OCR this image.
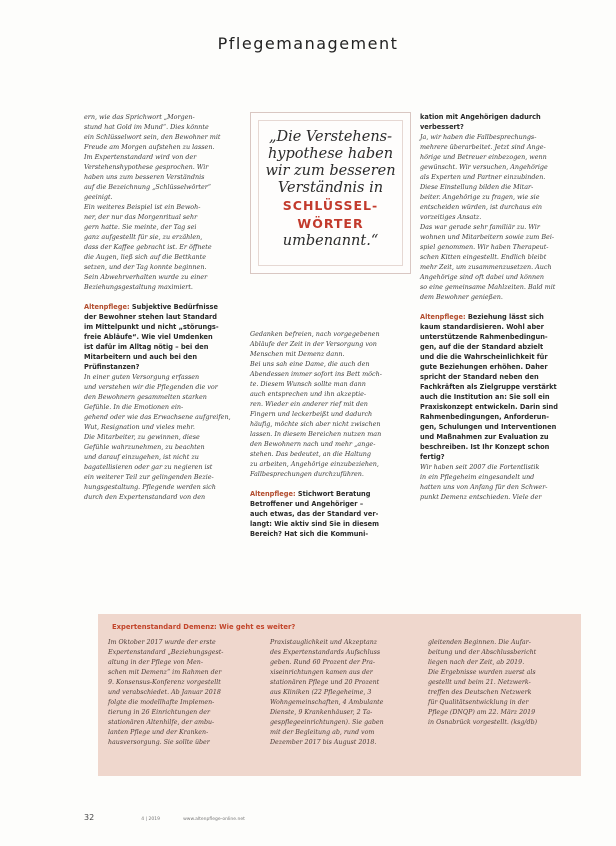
Pflegemanagement
ern, wie das Sprichwort „Morgen-
stund hat Gold im Mund“. Dies könnte
ein Schlüsselwort sein, den Bewohner mit
Freude am Morgen aufstehen zu lassen.
Im Expertenstandard wird von der
Verstehenshypothese gesprochen. Wir
haben uns zum besseren Verständnis
auf die Bezeichnung „Schlüsselwörter“
geeinigt.
Ein weiteres Beispiel ist ein Bewoh-
ner, der nur das Morgenritual sehr
gern hatte. Sie meinte, der Tag sei
ganz aufgestellt für sie, zu erzählen,
dass der Kaffee gebracht ist. Er öffnete
die Augen, ließ sich auf die Bettkante
setzen, und der Tag konnte beginnen.
Sein Abwehrverhalten wurde zu einer
Beziehungsgestaltung maximiert.

Altenpflege: Subjektive Bedürfnisse
der Bewohner stehen laut Standard
im Mittelpunkt und nicht „störungs-
freie Abläufe“. Wie viel Umdenken
ist dafür im Alltag nötig – bei den
Mitarbeitern und auch bei den
Prüfinstanzen?

In einer guten Versorgung erfassen
und verstehen wir die Pflegenden die vor
den Bewohnern gesammelten starken
Gefühle. In die Emotionen ein-
gehend oder wie das Erwachsene aufgreifen,
Wut, Resignation und vieles mehr.
Die Mitarbeiter, zu gewinnen, diese
Gefühle wahrzunehmen, zu beachten
und darauf einzugehen, ist nicht zu
bagatellisieren oder gar zu negieren ist
ein weiterer Teil zur gelingenden Bezie-
hungsgestaltung. Pflegende werden sich
durch den Expertenstandard von den
„Die Verstehens-hypothese haben wir zum besseren Verständnis in
SCHLÜSSEL-WÖRTER
umbenannt.“
Gedanken befreien, nach vorgegebenen
Abläufe der Zeit in der Versorgung von
Menschen mit Demenz dann.
Bei uns sah eine Dame, die auch den
Abendessen immer sofort ins Bett möch-
te. Diesem Wunsch sollte man dann
auch entsprechen und ihn akzeptie-
ren. Wieder ein anderer rief mit den
Fingern und leckerbeißt und dadurch
häufig, möchte sich aber nicht zwischen
lassen. In diesem Bereichen nutzen man
den Bewohnern nach und mehr „ange-
stehen. Das bedeutet, an die Haltung
zu arbeiten, Angehörige einzubeziehen,
Fallbesprechungen durchzuführen.

Altenpflege: Stichwort Beratung
Betroffener und Angehöriger –
auch etwas, das der Standard ver-
langt: Wie aktiv sind Sie in diesem
Bereich? Hat sich die Kommuni-

kation mit Angehörigen dadurch
verbessert?

Ja, wir haben die Fallbesprechungs-
mehrere überarbeitet. Jetzt sind Ange-
hörige und Betreuer einbezogen, wenn
gewünscht. Wir versuchen, Angehörige
als Experten und Partner einzubinden.
Diese Einstellung bilden die Mitar-
beiter. Angehörige zu fragen, wie sie
entscheiden würden, ist durchaus ein
vorzeitiges Ansatz.
Das war gerade sehr familiär zu. Wir
wohnen und Mitarbeitern sowie zum Bei-
spiel genommen. Wir haben Therapeut-
schen Kitten eingestellt. Endlich bleibt
mehr Zeit, um zusammenzusetzen. Auch
Angehörige sind oft dabei und können
so eine gemeinsame Mahlzeiten. Bald mit
dem Bewohner genießen.

Altenpflege: Beziehung lässt sich
kaum standardisieren. Wohl aber
unterstützende Rahmenbedingun-
gen, auf die der Standard abzielt
und die die Wahrscheinlichkeit für
gute Beziehungen erhöhen. Daher
spricht der Standard neben den
Fachkräften als Zielgruppe verstärkt
auch die Institution an: Sie soll ein
Praxiskonzept entwickeln. Darin sind
Rahmenbedingungen, Anforderun-
gen, Schulungen und Interventionen
und Maßnahmen zur Evaluation zu
beschreiben. Ist Ihr Konzept schon
fertig?

Wir haben seit 2007 die Fortentlistik
in ein Pflegeheim eingesandelt und
hatten uns von Anfang für den Schwer-
punkt Demenz entschieden. Viele der
Expertenstandard Demenz: Wie geht es weiter?
Im Oktober 2017 wurde der erste
Expertenstandard „Beziehungsgest-
altung in der Pflege von Men-
schen mit Demenz“ im Rahmen der
9. Konsensus-Konferenz vorgestellt
und verabschiedet. Ab Januar 2018
folgte die modellhafte Implemen-
tierung in 26 Einrichtungen der
stationären Altenhilfe, der ambu-
lanten Pflege und der Kranken-
hausversorgung. Sie sollte über
Praxistauglichkeit und Akzeptanz
des Expertenstandards Aufschluss
geben. Rund 60 Prozent der Pra-
xiseinrichtungen kamen aus der
stationären Pflege und 20 Prozent
aus Kliniken (22 Pflegeheime, 3
Wohngemeinschaften, 4 Ambulante
Dienste, 9 Krankenhäuser, 2 Ta-
gespflegeeinrichtungen). Sie gaben
mit der Begleitung ab, rund vom
Dezember 2017 bis August 2018.
gleitenden Beginnen. Die Aufar-
beitung und der Abschlussbericht
liegen nach der Zeit, ab 2019.
Die Ergebnisse wurden zuerst als
gestellt und beim 21. Netzwerk-
treffen des Deutschen Netzwerk
für Qualitätsentwicklung in der
Pflege (DNQP) am 22. März 2019
in Osnabrück vorgestellt. (ksg/db)
32	4 | 2019	www.altenpflege-online.net
